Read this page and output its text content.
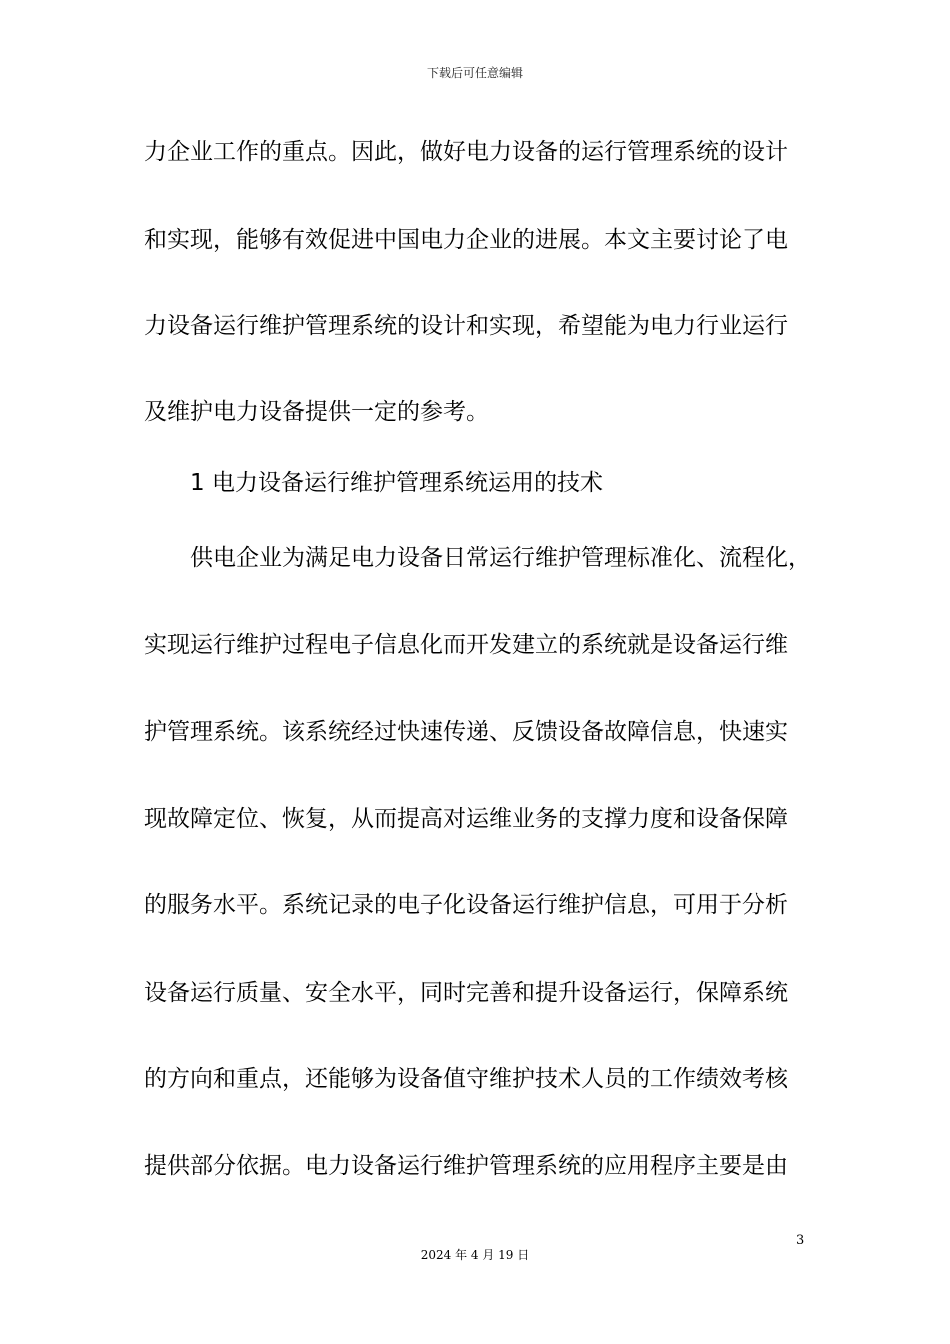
下载后可任意编辑
力企业工作的重点。因此，做好电力设备的运行管理系统的设计
和实现，能够有效促进中国电力企业的进展。本文主要讨论了电
力设备运行维护管理系统的设计和实现，希望能为电力行业运行
及维护电力设备提供一定的参考。
1 电力设备运行维护管理系统运用的技术
供电企业为满足电力设备日常运行维护管理标准化、流程化，
实现运行维护过程电子信息化而开发建立的系统就是设备运行维
护管理系统。该系统经过快速传递、反馈设备故障信息，快速实
现故障定位、恢复，从而提高对运维业务的支撑力度和设备保障
的服务水平。系统记录的电子化设备运行维护信息，可用于分析
设备运行质量、安全水平，同时完善和提升设备运行，保障系统
的方向和重点，还能够为设备值守维护技术人员的工作绩效考核
提供部分依据。电力设备运行维护管理系统的应用程序主要是由
3
2024 年 4 月 19 日
